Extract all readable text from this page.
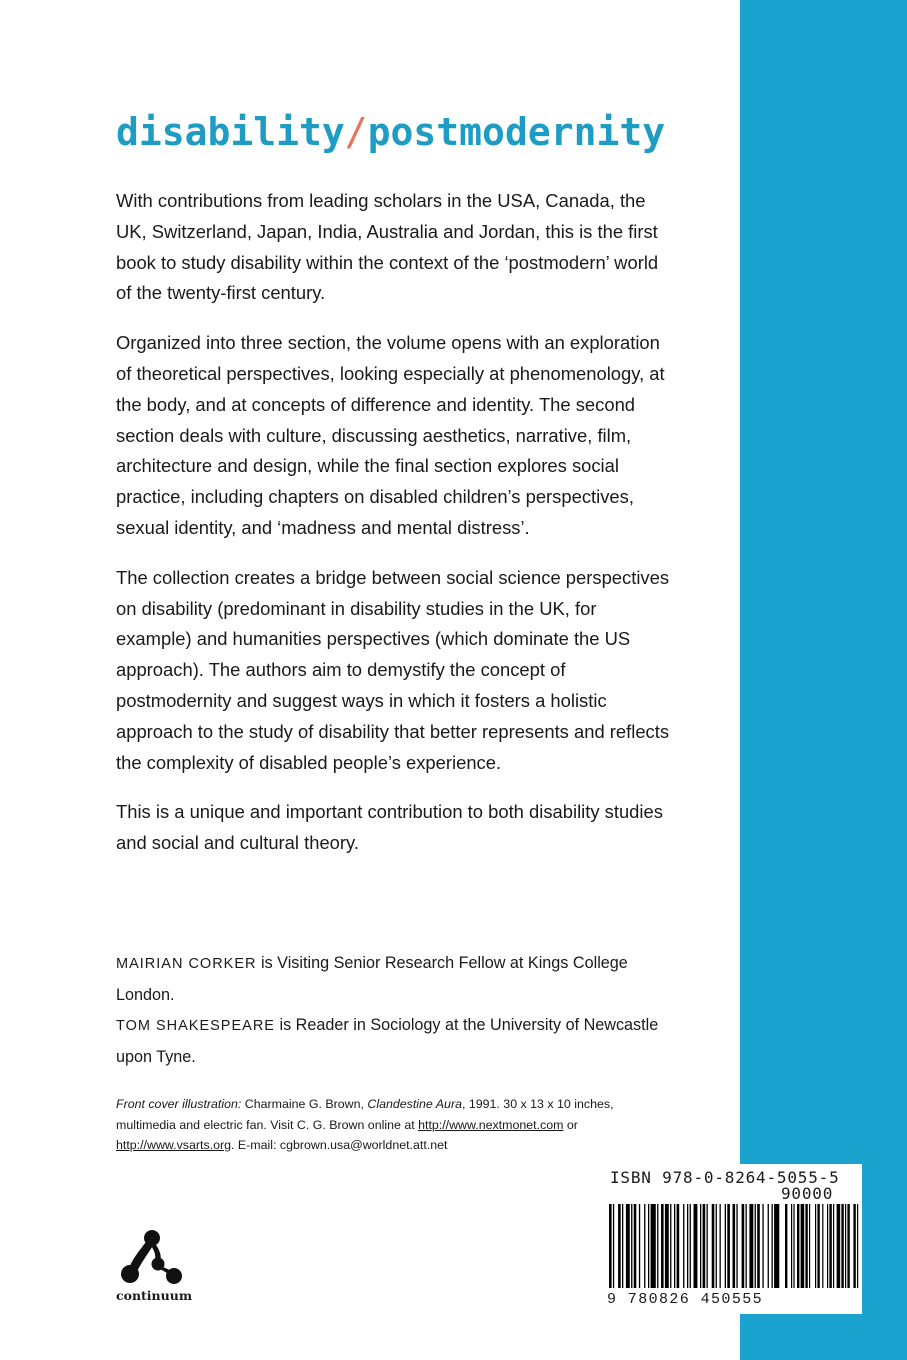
disability/postmodernity

With contributions from leading scholars in the USA, Canada, the UK, Switzerland, Japan, India, Australia and Jordan, this is the first book to study disability within the context of the ‘postmodern’ world of the twenty-first century.

Organized into three section, the volume opens with an exploration of theoretical perspectives, looking especially at phenomenology, at the body, and at concepts of difference and identity. The second section deals with culture, discussing aesthetics, narrative, film, architecture and design, while the final section explores social practice, including chapters on disabled children’s perspectives, sexual identity, and ‘madness and mental distress’.

The collection creates a bridge between social science perspectives on disability (predominant in disability studies in the UK, for example) and humanities perspectives (which dominate the US approach). The authors aim to demystify the concept of postmodernity and suggest ways in which it fosters a holistic approach to the study of disability that better represents and reflects the complexity of disabled people’s experience.

This is a unique and important contribution to both disability studies and social and cultural theory.

MAIRIAN CORKER is Visiting Senior Research Fellow at Kings College London.

TOM SHAKESPEARE is Reader in Sociology at the University of Newcastle upon Tyne.

Front cover illustration: Charmaine G. Brown, Clandestine Aura, 1991. 30 x 13 x 10 inches, multimedia and electric fan. Visit C. G. Brown online at http://www.nextmonet.com or http://www.vsarts.org. E-mail: cgbrown.usa@worldnet.att.net
continuum
ISBN 978-0-8264-5055-5
90000
9 780826 450555
